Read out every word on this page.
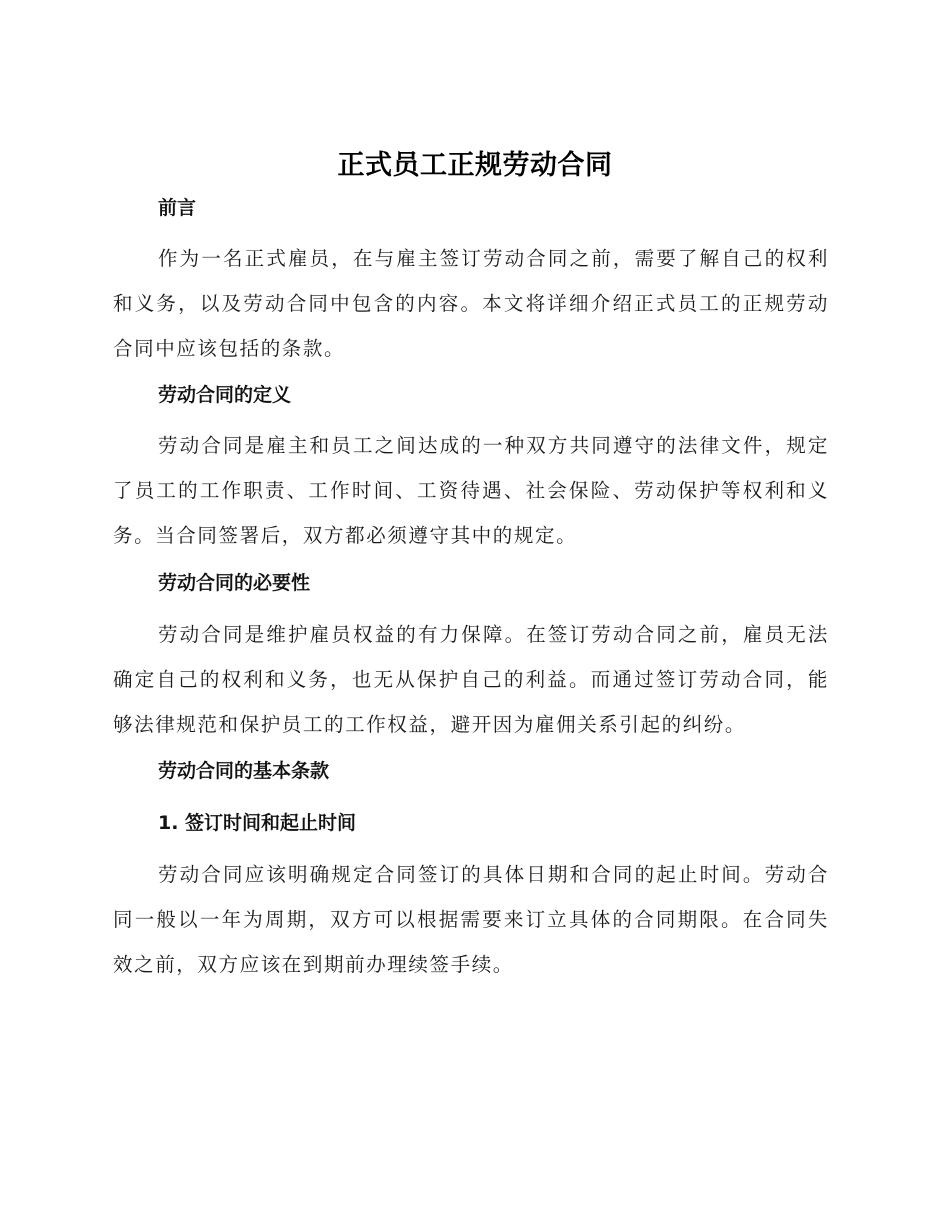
正式员工正规劳动合同
前言
作为一名正式雇员，在与雇主签订劳动合同之前，需要了解自己的权利和义务，以及劳动合同中包含的内容。本文将详细介绍正式员工的正规劳动合同中应该包括的条款。
劳动合同的定义
劳动合同是雇主和员工之间达成的一种双方共同遵守的法律文件，规定了员工的工作职责、工作时间、工资待遇、社会保险、劳动保护等权利和义务。当合同签署后，双方都必须遵守其中的规定。
劳动合同的必要性
劳动合同是维护雇员权益的有力保障。在签订劳动合同之前，雇员无法确定自己的权利和义务，也无从保护自己的利益。而通过签订劳动合同，能够法律规范和保护员工的工作权益，避开因为雇佣关系引起的纠纷。
劳动合同的基本条款
1. 签订时间和起止时间
劳动合同应该明确规定合同签订的具体日期和合同的起止时间。劳动合同一般以一年为周期，双方可以根据需要来订立具体的合同期限。在合同失效之前，双方应该在到期前办理续签手续。
